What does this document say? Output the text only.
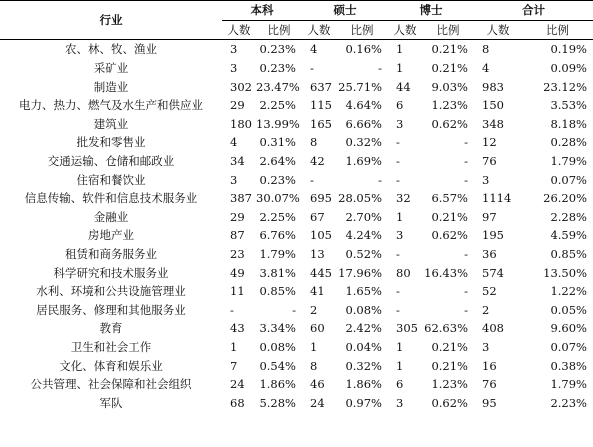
行业	本科		硕士		博士		合计	
	人数	比例	人数	比例	人数	比例	人数	比例
农、林、牧、渔业	3	0.23%	4	0.16%	1	0.21%	8	0.19%
采矿业	3	0.23%	-	-	1	0.21%	4	0.09%
制造业	302	23.47%	637	25.71%	44	9.03%	983	23.12%
电力、热力、燃气及水生产和供应业	29	2.25%	115	4.64%	6	1.23%	150	3.53%
建筑业	180	13.99%	165	6.66%	3	0.62%	348	8.18%
批发和零售业	4	0.31%	8	0.32%	-	-	12	0.28%
交通运输、仓储和邮政业	34	2.64%	42	1.69%	-	-	76	1.79%
住宿和餐饮业	3	0.23%	-	-	-	-	3	0.07%
信息传输、软件和信息技术服务业	387	30.07%	695	28.05%	32	6.57%	1114	26.20%
金融业	29	2.25%	67	2.70%	1	0.21%	97	2.28%
房地产业	87	6.76%	105	4.24%	3	0.62%	195	4.59%
租赁和商务服务业	23	1.79%	13	0.52%	-	-	36	0.85%
科学研究和技术服务业	49	3.81%	445	17.96%	80	16.43%	574	13.50%
水利、环境和公共设施管理业	11	0.85%	41	1.65%	-	-	52	1.22%
居民服务、修理和其他服务业	-	-	2	0.08%	-	-	2	0.05%
教育	43	3.34%	60	2.42%	305	62.63%	408	9.60%
卫生和社会工作	1	0.08%	1	0.04%	1	0.21%	3	0.07%
文化、体育和娱乐业	7	0.54%	8	0.32%	1	0.21%	16	0.38%
公共管理、社会保障和社会组织	24	1.86%	46	1.86%	6	1.23%	76	1.79%
军队	68	5.28%	24	0.97%	3	0.62%	95	2.23%
